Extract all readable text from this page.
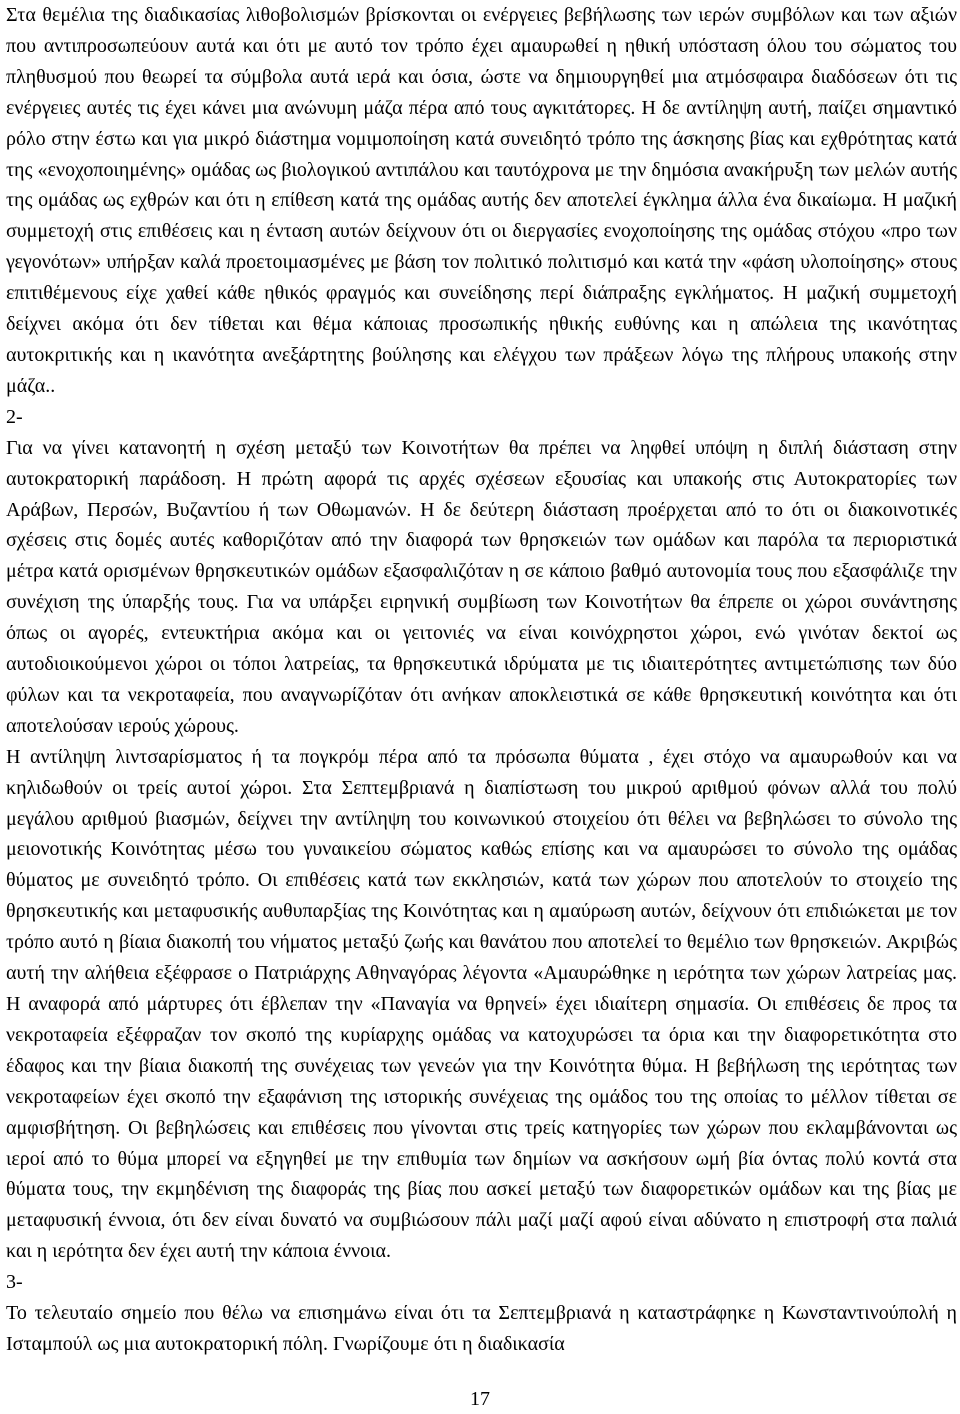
Στα θεμέλια της διαδικασίας λιθοβολισμών βρίσκονται οι ενέργειες βεβήλωσης των ιερών συμβόλων και των αξιών που αντιπροσωπεύουν αυτά και ότι με αυτό τον τρόπο έχει αμαυρωθεί η ηθική υπόσταση όλου του σώματος του πληθυσμού που θεωρεί τα σύμβολα αυτά ιερά και όσια, ώστε να δημιουργηθεί μια ατμόσφαιρα διαδόσεων ότι τις ενέργειες αυτές τις έχει κάνει μια ανώνυμη μάζα πέρα από τους αγκιτάτορες. Η δε αντίληψη αυτή, παίζει σημαντικό ρόλο στην έστω και για μικρό διάστημα νομιμοποίηση κατά συνειδητό τρόπο της άσκησης βίας και εχθρότητας κατά της «ενοχοποιημένης» ομάδας ως βιολογικού αντιπάλου και ταυτόχρονα με την δημόσια ανακήρυξη των μελών αυτής της ομάδας ως εχθρών και ότι η επίθεση κατά της ομάδας αυτής δεν αποτελεί έγκλημα άλλα ένα δικαίωμα. Η μαζική συμμετοχή στις επιθέσεις και η ένταση αυτών δείχνουν ότι οι διεργασίες ενοχοποίησης της ομάδας στόχου «προ των γεγονότων» υπήρξαν καλά προετοιμασμένες με βάση τον πολιτικό πολιτισμό και κατά την «φάση υλοποίησης» στους επιτιθέμενους είχε χαθεί κάθε ηθικός φραγμός και συνείδησης περί διάπραξης εγκλήματος. Η μαζική συμμετοχή δείχνει ακόμα ότι δεν τίθεται και θέμα κάποιας προσωπικής ηθικής ευθύνης και η απώλεια της ικανότητας αυτοκριτικής και η ικανότητα ανεξάρτητης βούλησης και ελέγχου των πράξεων λόγω της πλήρους υπακοής στην μάζα..

2-

Για να γίνει κατανοητή η σχέση μεταξύ των Κοινοτήτων θα πρέπει να ληφθεί υπόψη η διπλή διάσταση στην αυτοκρατορική παράδοση. Η πρώτη αφορά τις αρχές σχέσεων εξουσίας και υπακοής στις Αυτοκρατορίες των Αράβων, Περσών, Βυζαντίου ή των Οθωμανών. Η δε δεύτερη διάσταση προέρχεται από το ότι οι διακοινοτικές σχέσεις στις δομές αυτές καθοριζόταν από την διαφορά των θρησκειών των ομάδων και παρόλα τα περιοριστικά μέτρα κατά ορισμένων θρησκευτικών ομάδων εξασφαλιζόταν η σε κάποιο βαθμό αυτονομία τους που εξασφάλιζε την συνέχιση της ύπαρξής τους. Για να υπάρξει ειρηνική συμβίωση των Κοινοτήτων θα έπρεπε οι χώροι συνάντησης όπως οι αγορές, εντευκτήρια ακόμα και οι γειτονιές να είναι κοινόχρηστοι χώροι, ενώ γινόταν δεκτοί ως αυτοδιοικούμενοι χώροι οι τόποι λατρείας, τα θρησκευτικά ιδρύματα με τις ιδιαιτερότητες αντιμετώπισης των δύο φύλων και τα νεκροταφεία, που αναγνωρίζόταν ότι ανήκαν αποκλειστικά σε κάθε θρησκευτική κοινότητα και ότι αποτελούσαν ιερούς χώρους.

Η αντίληψη λιντσαρίσματος ή τα πογκρόμ πέρα από τα πρόσωπα θύματα , έχει στόχο να αμαυρωθούν και να κηλιδωθούν οι τρείς αυτοί χώροι. Στα Σεπτεμβριανά η διαπίστωση του μικρού αριθμού φόνων αλλά του πολύ μεγάλου αριθμού βιασμών, δείχνει την αντίληψη του κοινωνικού στοιχείου ότι θέλει να βεβηλώσει το σύνολο της μειονοτικής Κοινότητας μέσω του γυναικείου σώματος καθώς επίσης και να αμαυρώσει το σύνολο της ομάδας θύματος με συνειδητό τρόπο. Οι επιθέσεις κατά των εκκλησιών, κατά των χώρων που αποτελούν το στοιχείο της θρησκευτικής και μεταφυσικής αυθυπαρξίας της Κοινότητας και η αμαύρωση αυτών, δείχνουν ότι επιδιώκεται με τον τρόπο αυτό η βίαια διακοπή του νήματος μεταξύ ζωής και θανάτου που αποτελεί το θεμέλιο των θρησκειών. Ακριβώς αυτή την αλήθεια εξέφρασε ο Πατριάρχης Αθηναγόρας λέγοντα «Αμαυρώθηκε η ιερότητα των χώρων λατρείας μας. Η αναφορά από μάρτυρες ότι έβλεπαν την «Παναγία να θρηνεί» έχει ιδιαίτερη σημασία. Οι επιθέσεις δε προς τα νεκροταφεία εξέφραζαν τον σκοπό της κυρίαρχης ομάδας να κατοχυρώσει τα όρια και την διαφορετικότητα στο έδαφος και την βίαια διακοπή της συνέχειας των γενεών για την Κοινότητα θύμα. Η βεβήλωση της ιερότητας των νεκροταφείων έχει σκοπό την εξαφάνιση της ιστορικής συνέχειας της ομάδος του της οποίας το μέλλον τίθεται σε αμφισβήτηση. Οι βεβηλώσεις και επιθέσεις που γίνονται στις τρείς κατηγορίες των χώρων που εκλαμβάνονται ως ιεροί από το θύμα μπορεί να εξηγηθεί με την επιθυμία των δημίων να ασκήσουν ωμή βία όντας πολύ κοντά στα θύματα τους, την εκμηδένιση της διαφοράς της βίας που ασκεί μεταξύ των διαφορετικών ομάδων και της βίας με μεταφυσική έννοια, ότι δεν είναι δυνατό να συμβιώσουν πάλι μαζί μαζί αφού είναι αδύνατο η επιστροφή στα παλιά και η ιερότητα δεν έχει αυτή την κάποια έννοια.

3-

Το τελευταίο σημείο που θέλω να επισημάνω είναι ότι τα Σεπτεμβριανά η καταστράφηκε η Κωνσταντινούπολή η Ισταμπούλ ως μια αυτοκρατορική πόλη. Γνωρίζουμε ότι η διαδικασία

17
